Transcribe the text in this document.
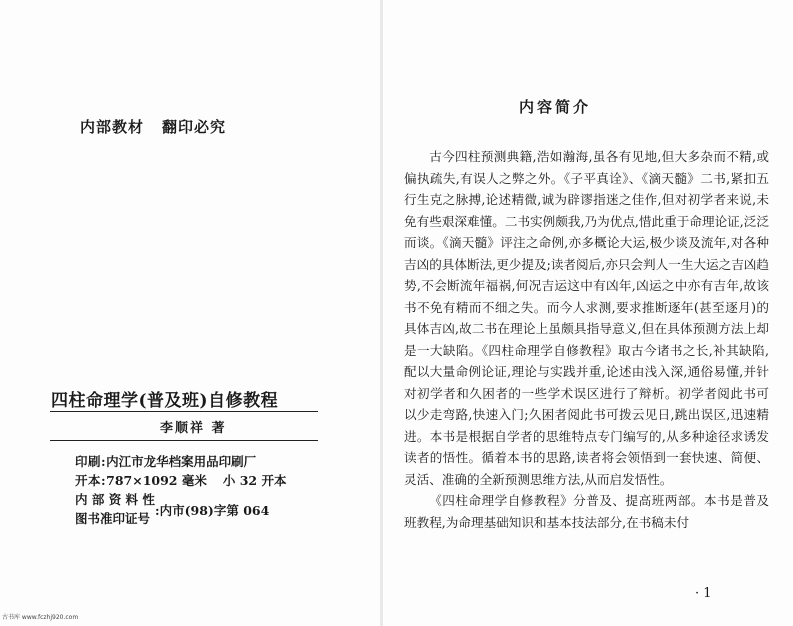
内部教材 翻印必究
四柱命理学(普及班)自修教程
李顺祥 著
印刷:内江市龙华档案用品印刷厂
开本:787×1092 毫米 小 32 开本
内 部 资 料 性
图书准印证号
:内市(98)字第 064
古书库 www.fczhj920.com
内容简介

古今四柱预测典籍,浩如瀚海,虽各有见地,但大多杂而不精,或偏执疏失,有误人之弊之外。《子平真诠》、《滴天髓》二书,紧扣五行生克之脉搏,论述精微,诚为辟谬指迷之佳作,但对初学者来说,未免有些艰深难懂。二书实例颇我,乃为优点,惜此重于命理论证,泛泛而谈。《滴天髓》评注之命例,亦多概论大运,极少谈及流年,对各种吉凶的具体断法,更少提及;读者阅后,亦只会判人一生大运之吉凶趋势,不会断流年福祸,何况吉运这中有凶年,凶运之中亦有吉年,故该书不免有精而不细之失。而今人求测,要求推断逐年(甚至逐月)的具体吉凶,故二书在理论上虽颇具指导意义,但在具体预测方法上却是一大缺陷。《四柱命理学自修教程》取古今诸书之长,补其缺陷,配以大量命例论证,理论与实践并重,论述由浅入深,通俗易懂,并针对初学者和久困者的一些学术误区进行了辩析。初学者阅此书可以少走弯路,快速入门;久困者阅此书可拨云见日,跳出误区,迅速精进。本书是根据自学者的思维特点专门编写的,从多种途径求诱发读者的悟性。循着本书的思路,读者将会领悟到一套快速、简便、灵活、准确的全新预测思维方法,从而启发悟性。

《四柱命理学自修教程》分普及、提高班两部。本书是普及班教程,为命理基础知识和基本技法部分,在书稿未付

· 1
